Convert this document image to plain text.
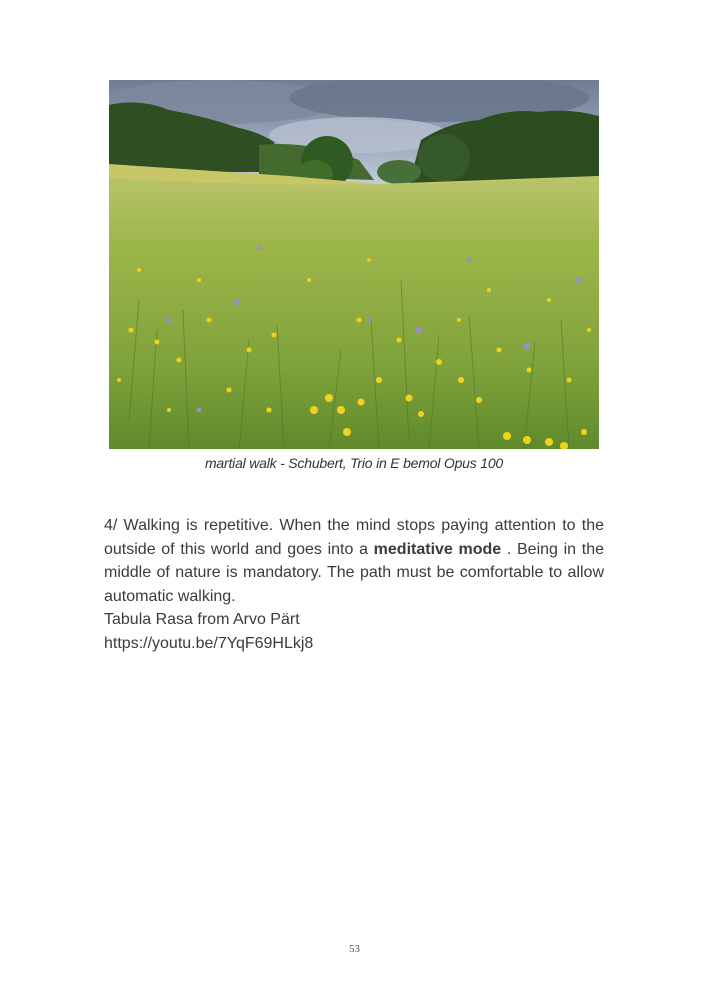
martial walk - Schubert, Trio in E bemol Opus 100

4/ Walking is repetitive. When the mind stops paying attention to the outside of this world and goes into a meditative mode . Being in the middle of nature is mandatory. The path must be comfortable to allow automatic walking.

Tabula Rasa from Arvo Pärt

https://youtu.be/7YqF69HLkj8

53
